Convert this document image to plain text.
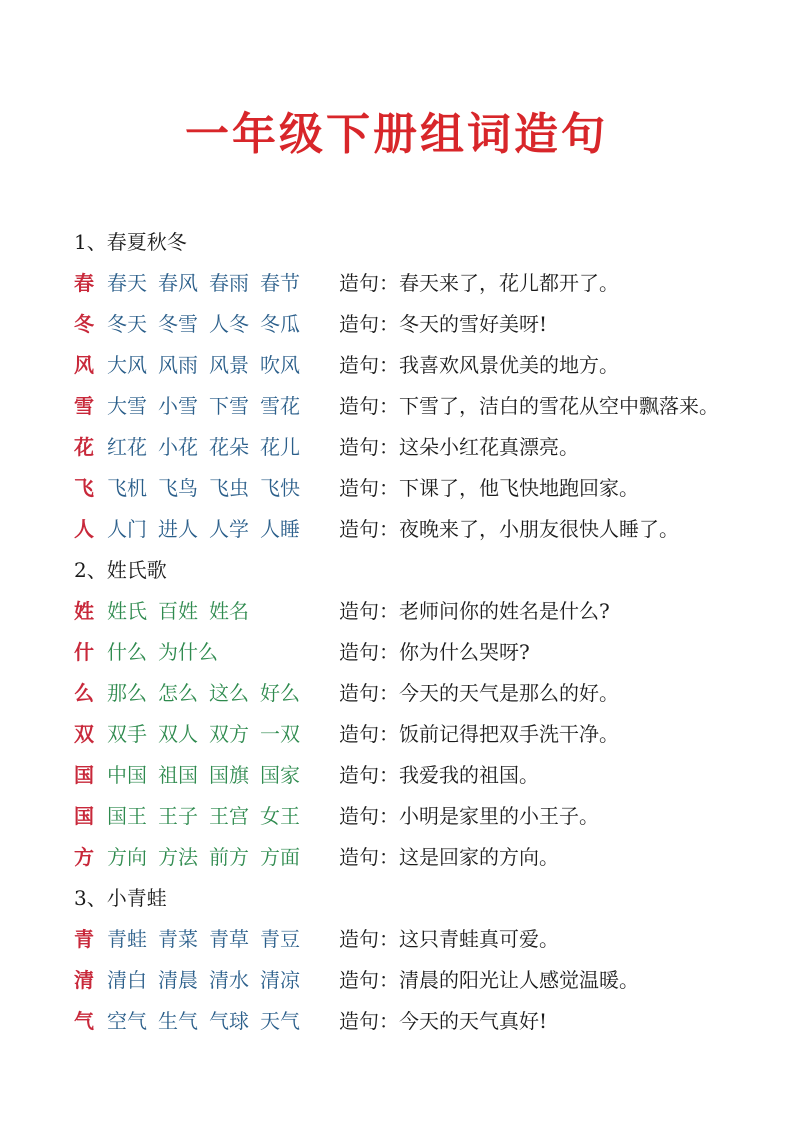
一年级下册组词造句
1、春夏秋冬
春 春天 春风 春雨 春节	造句：春天来了，花儿都开了。
冬 冬天 冬雪 人冬 冬瓜	造句：冬天的雪好美呀!
风 大风 风雨 风景 吹风	造句：我喜欢风景优美的地方。
雪 大雪 小雪 下雪 雪花	造句：下雪了，洁白的雪花从空中飘落来。
花 红花 小花 花朵 花儿	造句：这朵小红花真漂亮。
飞 飞机 飞鸟 飞虫 飞快	造句：下课了，他飞快地跑回家。
人 人门 进人 人学 人睡	造句：夜晚来了，小朋友很快人睡了。
2、姓氏歌
姓 姓氏 百姓 姓名	造句：老师问你的姓名是什么?
什 什么 为什么	造句：你为什么哭呀?
么 那么 怎么 这么 好么	造句：今天的天气是那么的好。
双 双手 双人 双方 一双	造句：饭前记得把双手洗干净。
国 中国 祖国 国旗 国家	造句：我爱我的祖国。
国 国王 王子 王宫 女王	造句：小明是家里的小王子。
方 方向 方法 前方 方面	造句：这是回家的方向。
3、小青蛙
青 青蛙 青菜 青草 青豆	造句：这只青蛙真可爱。
清 清白 清晨 清水 清凉	造句：清晨的阳光让人感觉温暖。
气 空气 生气 气球 天气	造句：今天的天气真好!
